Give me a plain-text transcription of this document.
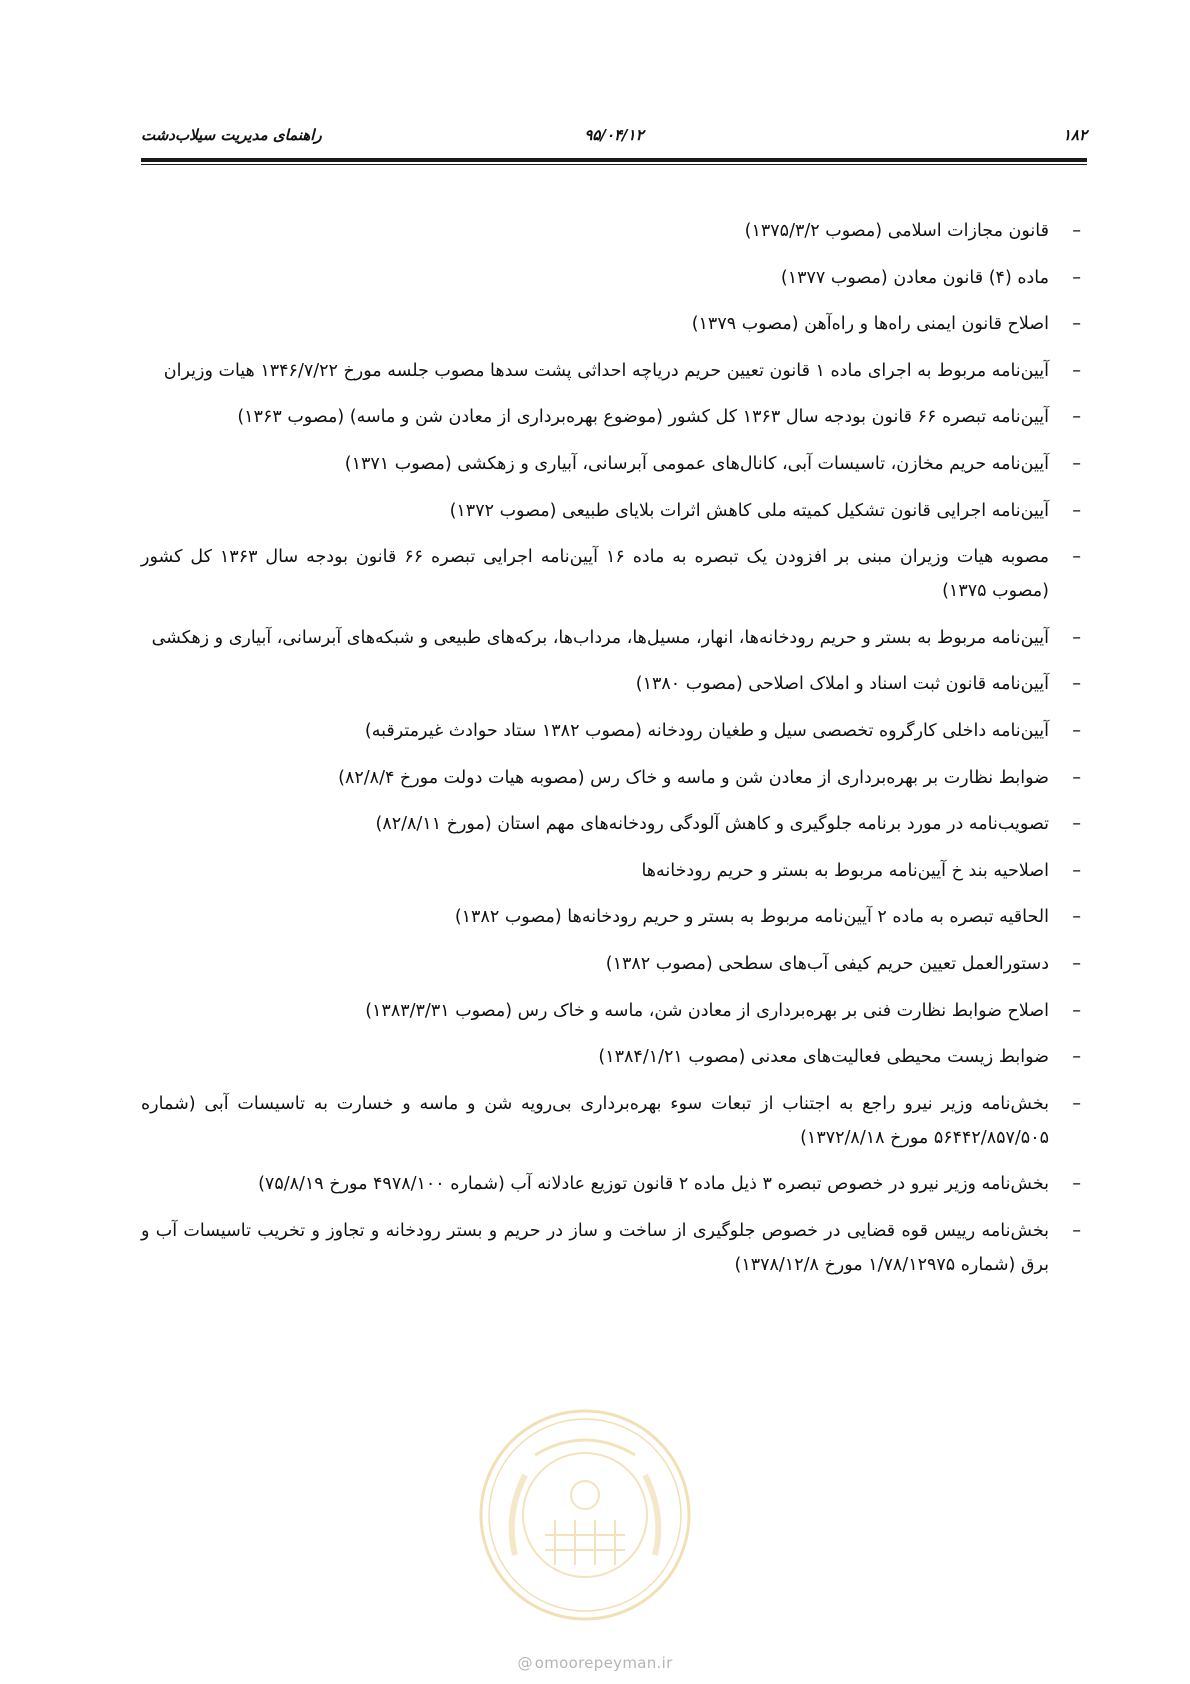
۱۸۲
۹۵/۰۴/۱۲
راهنمای مدیریت سیلاب‌دشت
– قانون مجازات اسلامی (مصوب ۱۳۷۵/۳/۲)
– ماده (۴) قانون معادن (مصوب ۱۳۷۷)
– اصلاح قانون ایمنی راه‌ها و راه‌آهن (مصوب ۱۳۷۹)
– آیین‌نامه مربوط به اجرای ماده ۱ قانون تعیین حریم دریاچه احداثی پشت سدها مصوب جلسه مورخ ۱۳۴۶/۷/۲۲ هیات وزیران
– آیین‌نامه تبصره ۶۶ قانون بودجه سال ۱۳۶۳ کل کشور (موضوع بهره‌برداری از معادن شن و ماسه) (مصوب ۱۳۶۳)
– آیین‌نامه حریم مخازن، تاسیسات آبی، کانال‌های عمومی آبرسانی، آبیاری و زهکشی (مصوب ۱۳۷۱)
– آیین‌نامه اجرایی قانون تشکیل کمیته ملی کاهش اثرات بلایای طبیعی (مصوب ۱۳۷۲)
– مصوبه هیات وزیران مبنی بر افزودن یک تبصره به ماده ۱۶ آیین‌نامه اجرایی تبصره ۶۶ قانون بودجه سال ۱۳۶۳ کل کشور (مصوب ۱۳۷۵)
– آیین‌نامه مربوط به بستر و حریم رودخانه‌ها، انهار، مسیل‌ها، مرداب‌ها، برکه‌های طبیعی و شبکه‌های آبرسانی، آبیاری و زهکشی
– آیین‌نامه قانون ثبت اسناد و املاک اصلاحی (مصوب ۱۳۸۰)
– آیین‌نامه داخلی کارگروه تخصصی سیل و طغیان رودخانه (مصوب ۱۳۸۲ ستاد حوادث غیرمترقبه)
– ضوابط نظارت بر بهره‌برداری از معادن شن و ماسه و خاک رس (مصوبه هیات دولت مورخ ۸۲/۸/۴)
– تصویب‌نامه در مورد برنامه جلوگیری و کاهش آلودگی رودخانه‌های مهم استان (مورخ ۸۲/۸/۱۱)
– اصلاحیه بند خ آیین‌نامه مربوط به بستر و حریم رودخانه‌ها
– الحاقیه تبصره به ماده ۲ آیین‌نامه مربوط به بستر و حریم رودخانه‌ها (مصوب ۱۳۸۲)
– دستورالعمل تعیین حریم کیفی آب‌های سطحی (مصوب ۱۳۸۲)
– اصلاح ضوابط نظارت فنی بر بهره‌برداری از معادن شن، ماسه و خاک رس (مصوب ۱۳۸۳/۳/۳۱)
– ضوابط زیست محیطی فعالیت‌های معدنی (مصوب ۱۳۸۴/۱/۲۱)
– بخش‌نامه وزیر نیرو راجع به اجتناب از تبعات سوء بهره‌برداری بی‌رویه شن و ماسه و خسارت به تاسیسات آبی (شماره ۵۶۴۴۲/۸۵۷/۵۰۵ مورخ ۱۳۷۲/۸/۱۸)
– بخش‌نامه وزیر نیرو در خصوص تبصره ۳ ذیل ماده ۲ قانون توزیع عادلانه آب (شماره ۴۹۷۸/۱۰۰ مورخ ۷۵/۸/۱۹)
– بخش‌نامه رییس قوه قضایی در خصوص جلوگیری از ساخت و ساز در حریم و بستر رودخانه و تجاوز و تخریب تاسیسات آب و برق (شماره ۱/۷۸/۱۲۹۷۵ مورخ ۱۳۷۸/۱۲/۸)
@ omoorepeyman.ir
